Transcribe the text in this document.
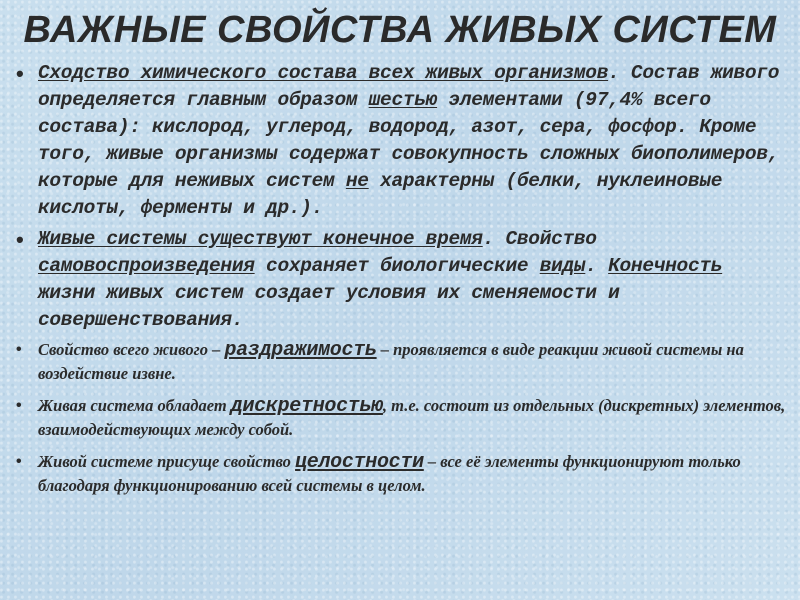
ВАЖНЫЕ СВОЙСТВА ЖИВЫХ СИСТЕМ
• Сходство химического состава всех живых организмов. Состав живого определяется главным образом шестью элементами (97,4% всего состава): кислород, углерод, водород, азот, сера, фосфор. Кроме того, живые организмы содержат совокупность сложных биополимеров, которые для неживых систем не характерны (белки, нуклеиновые кислоты, ферменты и др.).
• Живые системы существуют конечное время. Свойство самовоспроизведения сохраняет биологические виды. Конечность жизни живых систем создает условия их сменяемости и совершенствования.
• Свойство всего живого – раздражимость – проявляется в виде реакции живой системы на воздействие извне.
• Живая система обладает дискретностью, т.е. состоит из отдельных (дискретных) элементов, взаимодействующих между собой.
• Живой системе присуще свойство целостности – все её элементы функционируют только благодаря функционированию всей системы в целом.
